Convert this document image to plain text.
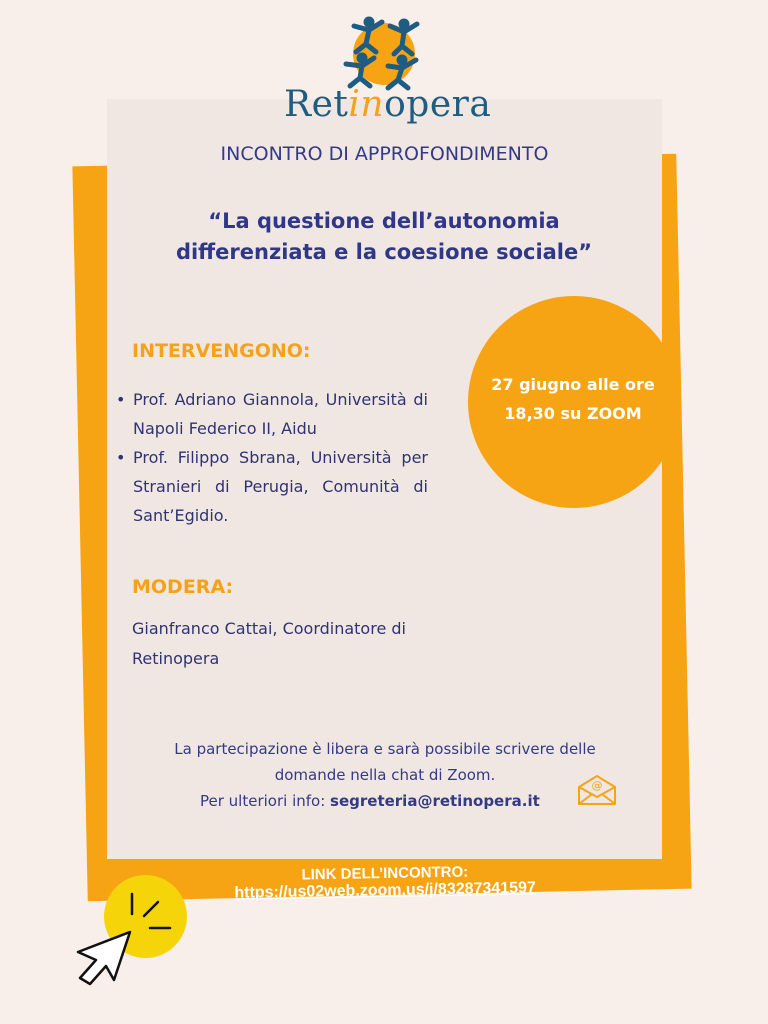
Retinopera
INCONTRO DI APPROFONDIMENTO
“La questione dell’autonomia
differenziata e la coesione sociale”
INTERVENGONO:
• Prof. Adriano Giannola, Università di Napoli Federico II, Aidu
• Prof. Filippo Sbrana, Università per Stranieri di Perugia, Comunità di Sant’Egidio.
MODERA:
Gianfranco Cattai, Coordinatore di Retinopera
27 giugno alle ore
18,30 su ZOOM
La partecipazione è libera e sarà possibile scrivere delle
domande nella chat di Zoom.
Per ulteriori info: segreteria@retinopera.it
@
LINK DELL’INCONTRO:
https://us02web.zoom.us/j/83287341597
